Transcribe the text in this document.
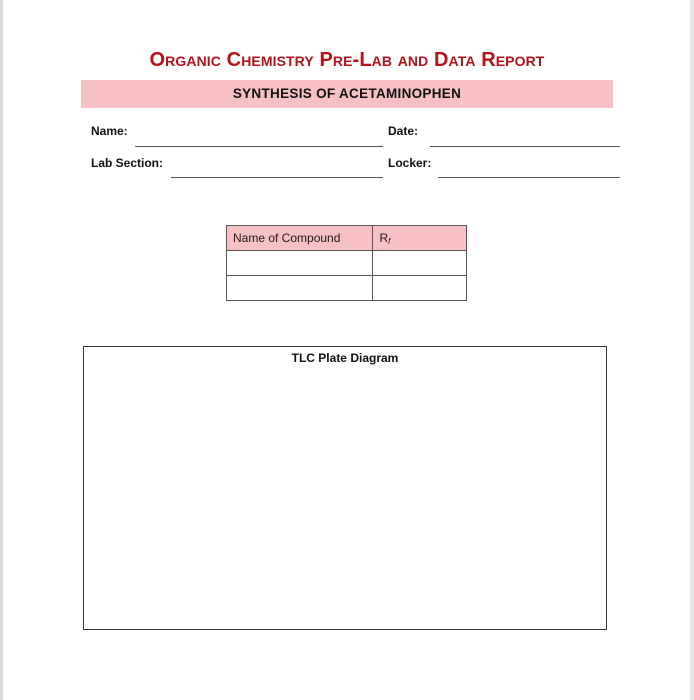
Organic Chemistry Pre-Lab and Data Report
SYNTHESIS OF ACETAMINOPHEN
Name:	Date:
Lab Section:	Locker:
Name of Compound	$R_f$

TLC Plate Diagram
